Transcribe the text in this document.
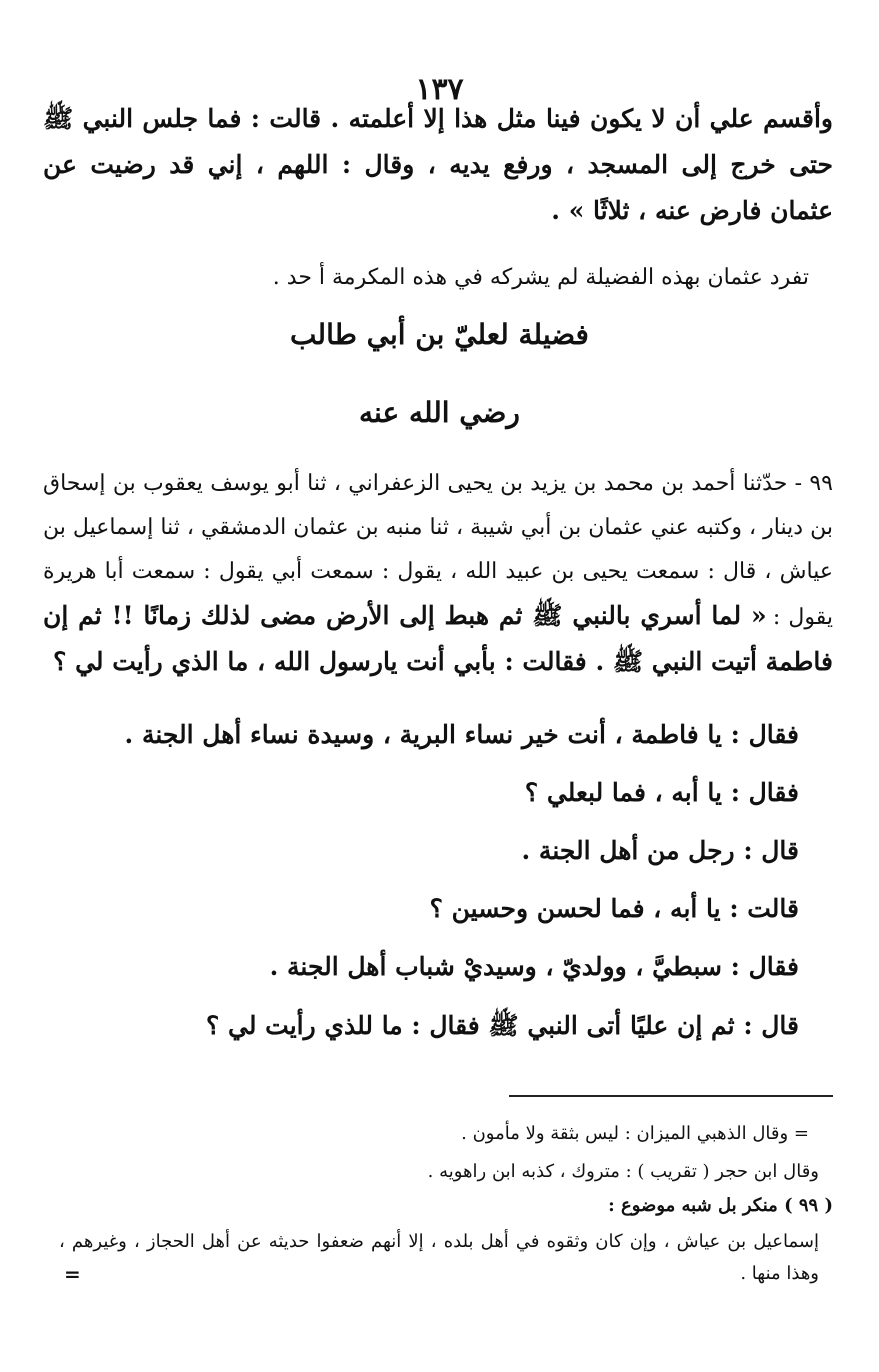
١٣٧

وأقسم علي أن لا يكون فينا مثل هذا إلا أعلمته . قالت : فما جلس النبي ﷺ حتى خرج إلى المسجد ، ورفع يديه ، وقال : اللهم ، إني قد رضيت عن عثمان فارض عنه ، ثلاثًا » .

تفرد عثمان بهذه الفضيلة لم يشركه في هذه المكرمة أ حد .

فضيلة لعليّ بن أبي طالب
رضي الله عنه
٩٩ - حدّثنا أحمد بن محمد بن يزيد بن يحيى الزعفراني ، ثنا أبو يوسف يعقوب بن إسحاق بن دينار ، وكتبه عني عثمان بن أبي شيبة ، ثنا منبه بن عثمان الدمشقي ، ثنا إسماعيل بن عياش ، قال : سمعت يحيى بن عبيد الله ، يقول : سمعت أبي يقول : سمعت أبا هريرة يقول : « لما أسري بالنبي ﷺ ثم هبط إلى الأرض مضى لذلك زمانًا !! ثم إن فاطمة أتيت النبي ﷺ . فقالت : بأبي أنت يارسول الله ، ما الذي رأيت لي ؟
فقال : يا فاطمة ، أنت خير نساء البرية ، وسيدة نساء أهل الجنة .
فقال : يا أبه ، فما لبعلي ؟
قال : رجل من أهل الجنة .
قالت : يا أبه ، فما لحسن وحسين ؟
فقال : سبطيَّ ، وولديّ ، وسيديْ شباب أهل الجنة .
قال : ثم إن عليًا أتى النبي ﷺ فقال : ما للذي رأيت لي ؟
= وقال الذهبي الميزان : ليس بثقة ولا مأمون .
وقال ابن حجر ( تقريب ) : متروك ، كذبه ابن راهويه .
( ٩٩ ) منكر بل شبه موضوع :
إسماعيل بن عياش ، وإن كان وثقوه في أهل بلده ، إلا أنهم ضعفوا حديثه عن أهل الحجاز ، وغيرهم ، وهذا منها .
=
